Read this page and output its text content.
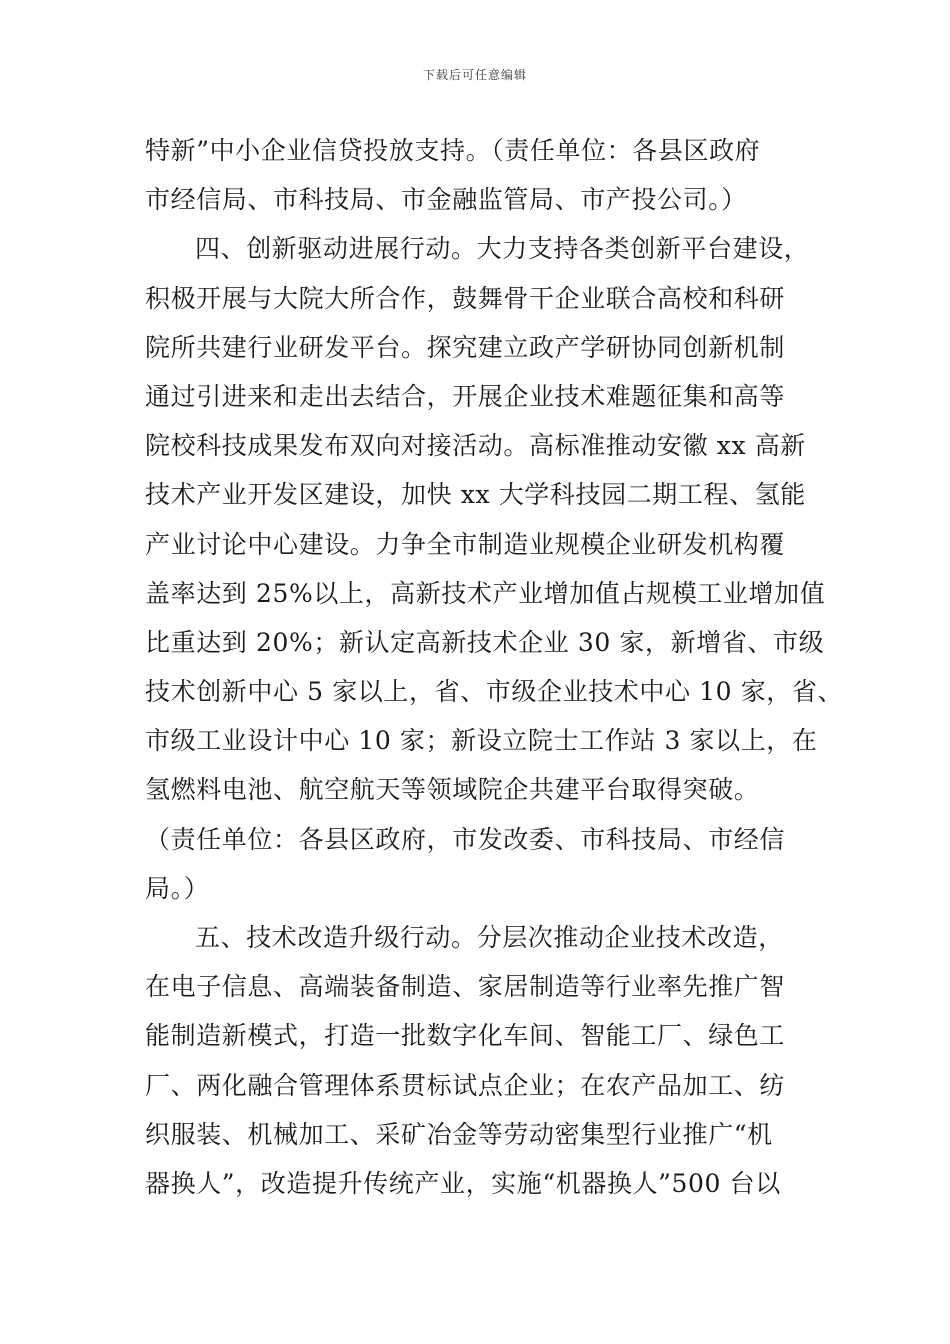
下载后可任意编辑
特新”中小企业信贷投放支持。（责任单位：各县区政府
市经信局、市科技局、市金融监管局、市产投公司。）
四、创新驱动进展行动。大力支持各类创新平台建设，
积极开展与大院大所合作，鼓舞骨干企业联合高校和科研
院所共建行业研发平台。探究建立政产学研协同创新机制
通过引进来和走出去结合，开展企业技术难题征集和高等
院校科技成果发布双向对接活动。高标准推动安徽 xx 高新
技术产业开发区建设，加快 xx 大学科技园二期工程、氢能
产业讨论中心建设。力争全市制造业规模企业研发机构覆
盖率达到 25%以上，高新技术产业增加值占规模工业增加值
比重达到 20%；新认定高新技术企业 30 家，新增省、市级
技术创新中心 5 家以上，省、市级企业技术中心 10 家，省、
市级工业设计中心 10 家；新设立院士工作站 3 家以上，在
氢燃料电池、航空航天等领域院企共建平台取得突破。
（责任单位：各县区政府，市发改委、市科技局、市经信
局。）
五、技术改造升级行动。分层次推动企业技术改造，
在电子信息、高端装备制造、家居制造等行业率先推广智
能制造新模式，打造一批数字化车间、智能工厂、绿色工
厂、两化融合管理体系贯标试点企业；在农产品加工、纺
织服装、机械加工、采矿冶金等劳动密集型行业推广“机
器换人”，改造提升传统产业，实施“机器换人”500 台以
